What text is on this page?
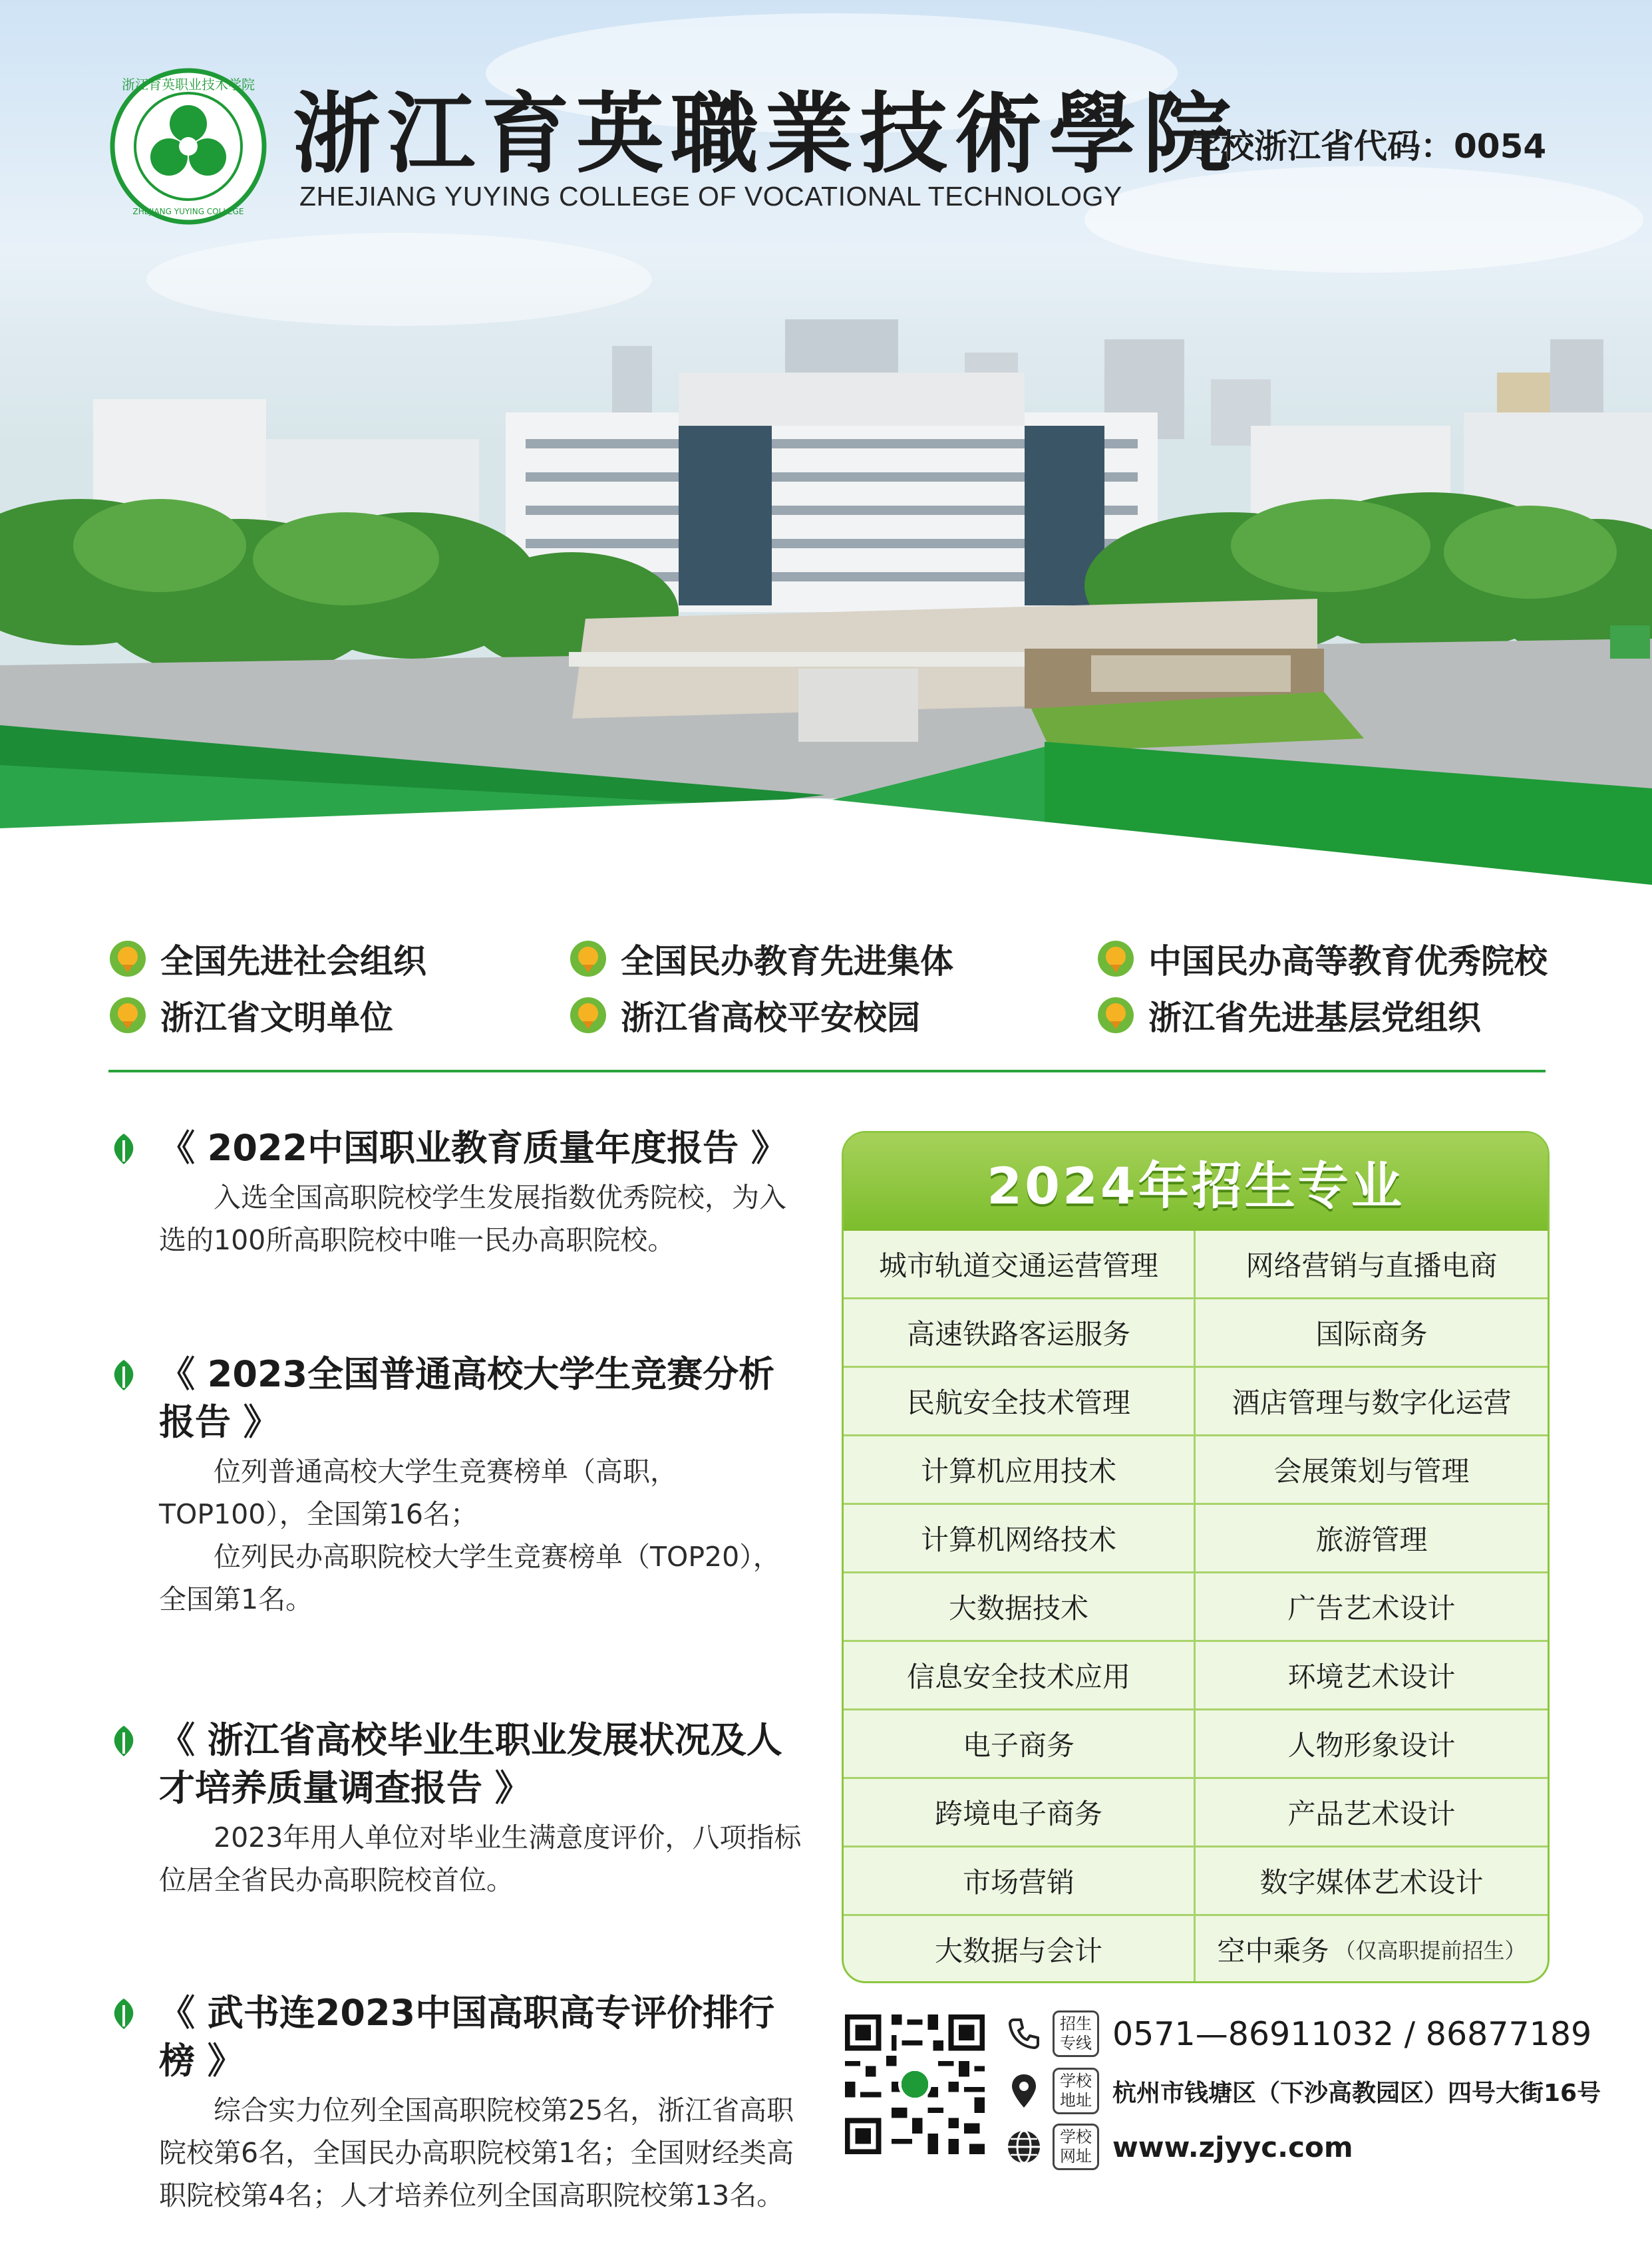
浙江育英职业技术学院
ZHEJIANG YUYING COLLEGE
浙江育英職業技術學院
ZHEJIANG YUYING COLLEGE OF VOCATIONAL TECHNOLOGY
学校浙江省代码：0054
全国先进社会组织	全国民办教育先进集体	中国民办高等教育优秀院校
浙江省文明单位	浙江省高校平安校园	浙江省先进基层党组织
《 2022中国职业教育质量年度报告 》

入选全国高职院校学生发展指数优秀院校，为入选的100所高职院校中唯一民办高职院校。

《 2023全国普通高校大学生竞赛分析报告 》

位列普通高校大学生竞赛榜单（高职，TOP100），全国第16名；

位列民办高职院校大学生竞赛榜单（TOP20），全国第1名。

《 浙江省高校毕业生职业发展状况及人才培养质量调查报告 》

2023年用人单位对毕业生满意度评价，八项指标位居全省民办高职院校首位。

《 武书连2023中国高职高专评价排行榜 》

综合实力位列全国高职院校第25名，浙江省高职院校第6名，全国民办高职院校第1名；全国财经类高职院校第4名；人才培养位列全国高职院校第13名。

2024年招生专业
城市轨道交通运营管理	网络营销与直播电商
高速铁路客运服务	国际商务
民航安全技术管理	酒店管理与数字化运营
计算机应用技术	会展策划与管理
计算机网络技术	旅游管理
大数据技术	广告艺术设计
信息安全技术应用	环境艺术设计
电子商务	人物形象设计
跨境电子商务	产品艺术设计
市场营销	数字媒体艺术设计
大数据与会计	空中乘务 （仅高职提前招生）
招生
专线 0571—86911032 / 86877189
学校
地址 杭州市钱塘区（下沙高教园区）四号大街16号
学校
网址 www.zjyyc.com
